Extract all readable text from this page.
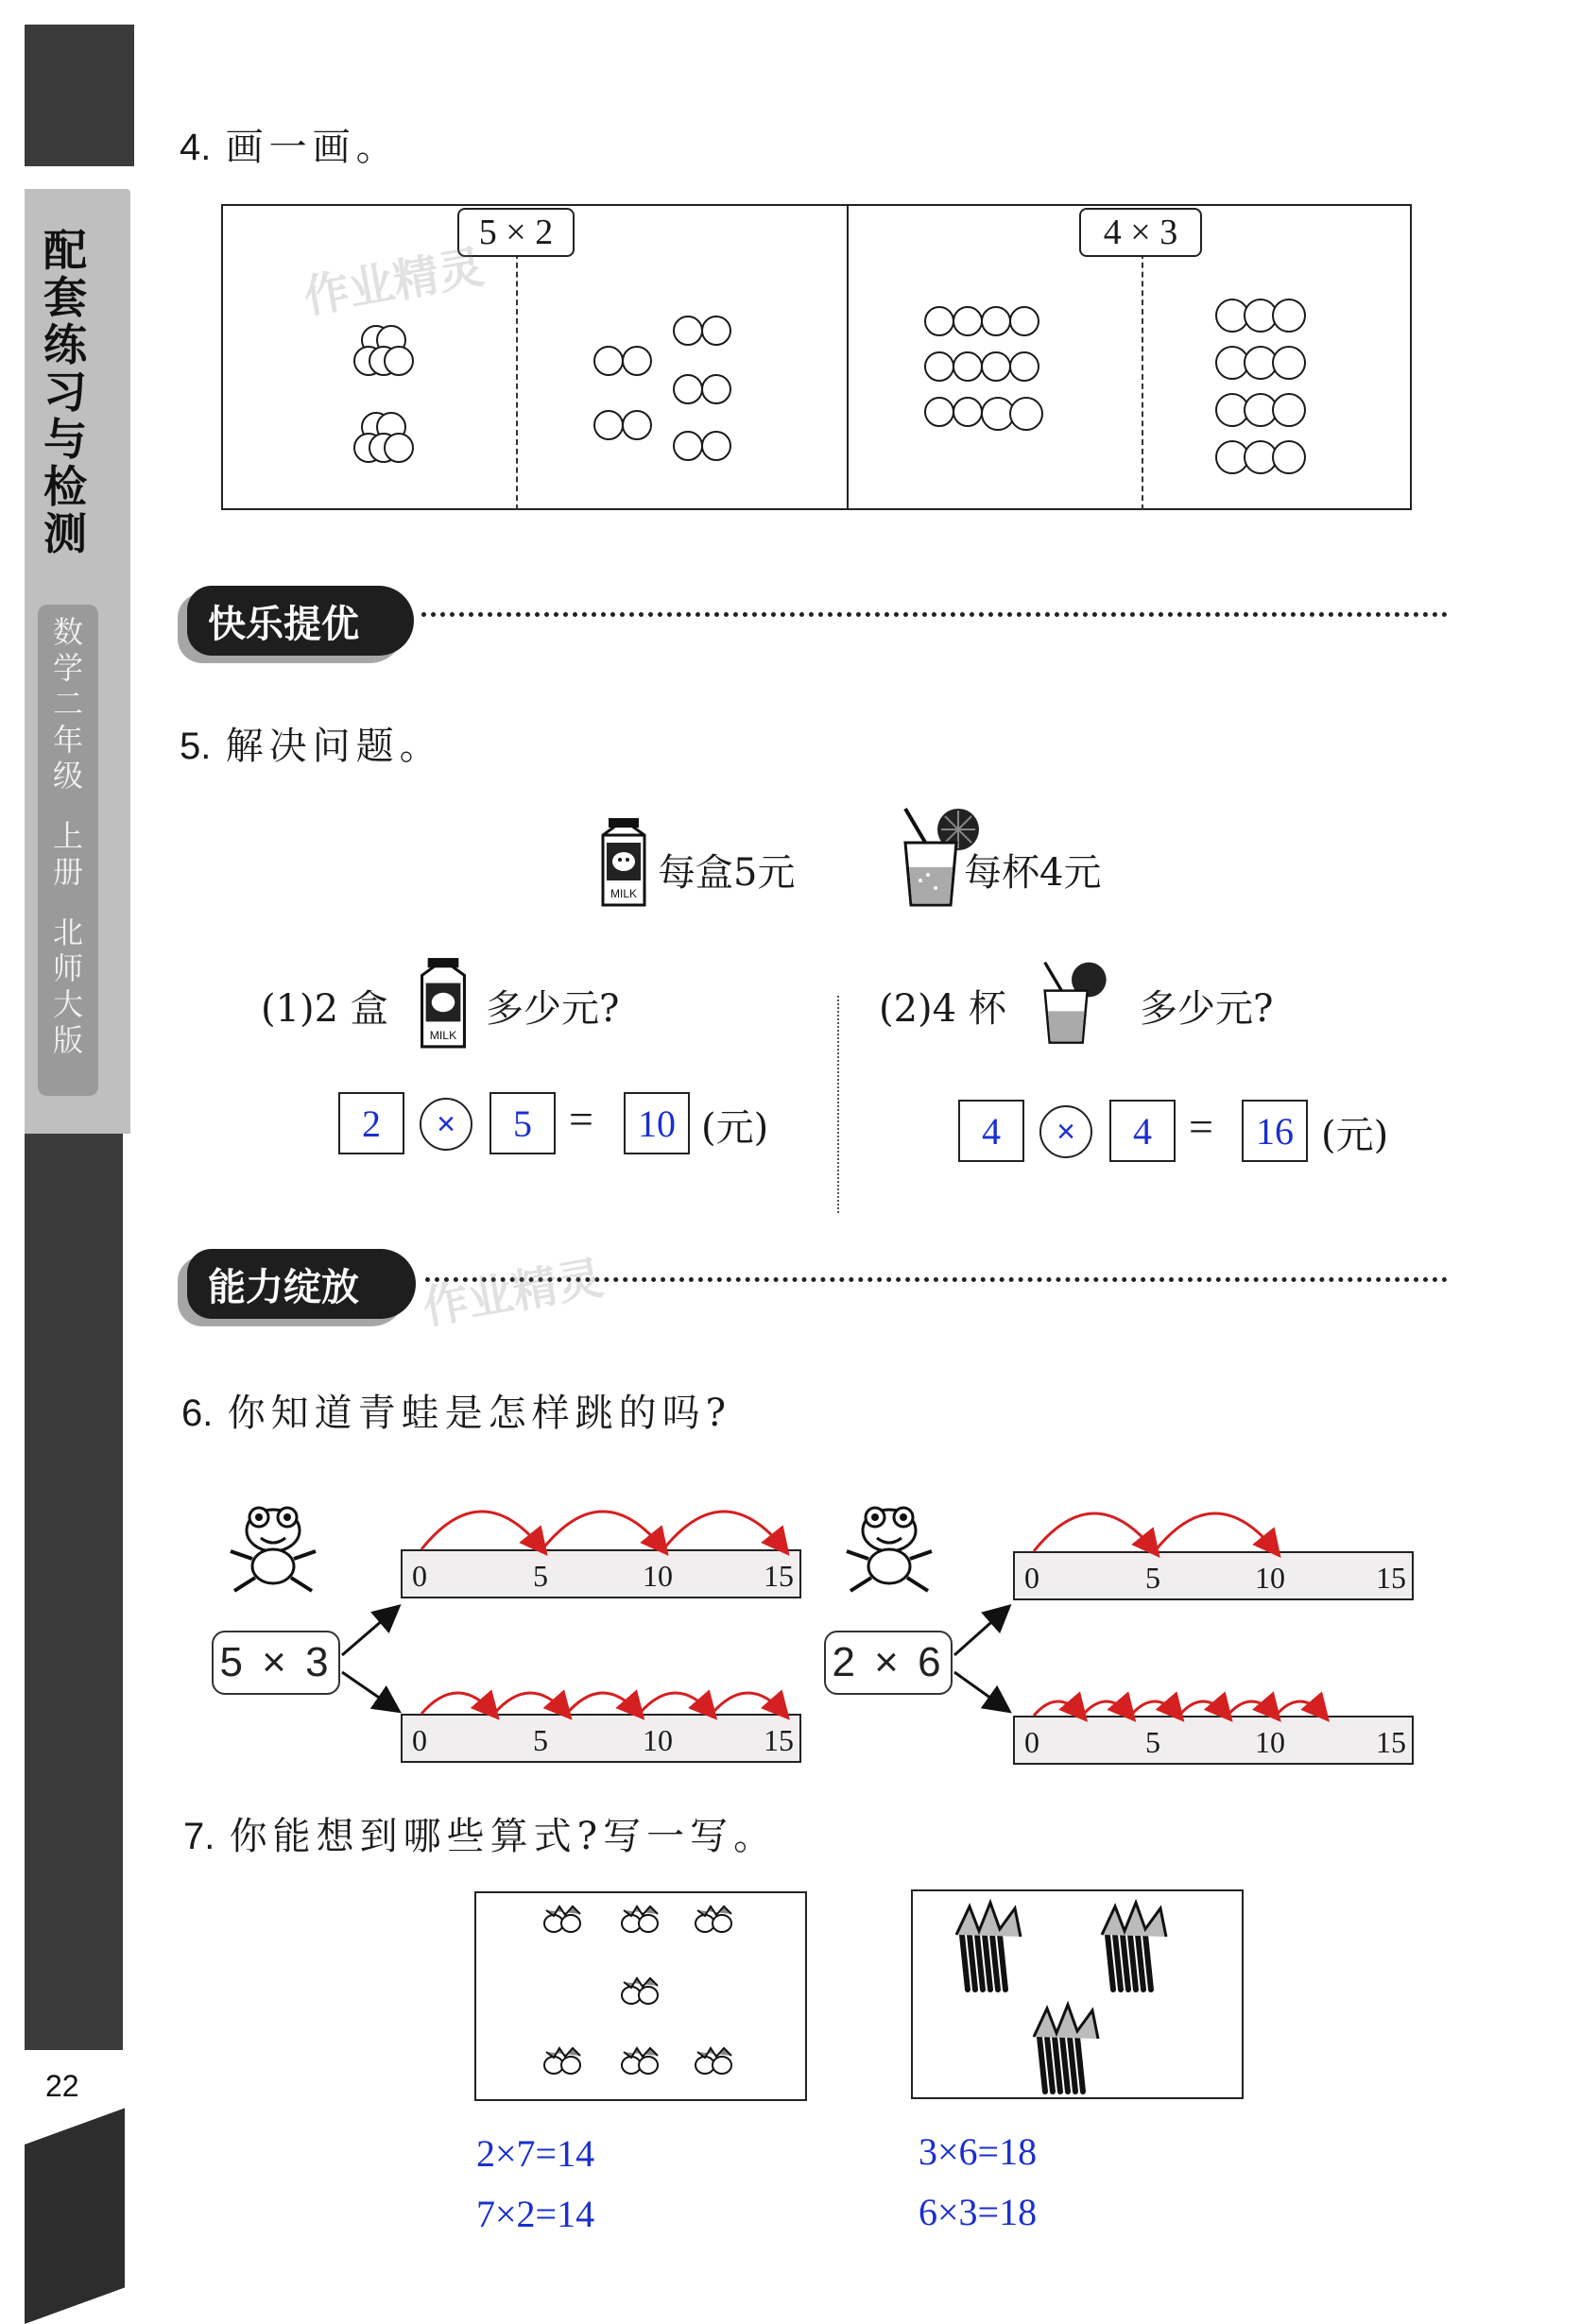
配
套
练
习
与
检
测
数
学
二
年
级
上
册
北
师
大
版
22
4. 画一画。
5 × 2	4 × 3
作业精灵
快乐提优
5. 解决问题。
MILK 每盒5元	每杯4元
(1)2 盒
MILK
多少元?
2	×	5 =	10 (元)
(2)4 杯	多少元?
4	×	4 =	16 (元)
能力绽放	作业精灵
6. 你知道青蛙是怎样跳的吗?
5 × 3	2 × 6
0	5	10	15
0	5	10	15
0	5	10	15
0	5	10	15
7. 你能想到哪些算式?写一写。
2×7=14
7×2=14
3×6=18
6×3=18
